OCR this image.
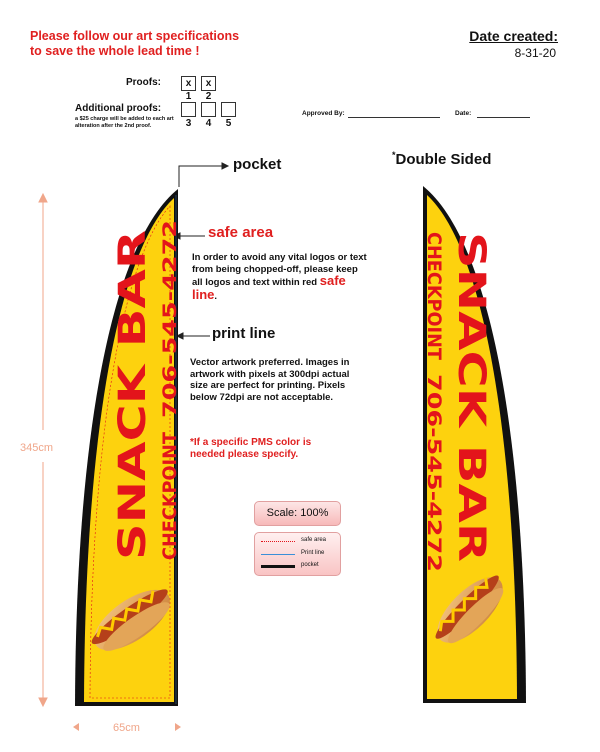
Please follow our art specifications
to save the whole lead time !
Date created:
8-31-20
Proofs:	x	x
1	2
Additional proofs:
3	4	5
a $25 charge will be added to each art alteration after the 2nd proof.
Approved By:	Date:
pocket
*Double Sided
safe area
In order to avoid any vital logos or text from being chopped-off, please keep all logos and text within red safe line.
print line
Vector artwork preferred. Images in artwork with pixels at 300dpi actual size are perfect for printing. Pixels below 72dpi are not acceptable.
*If a specific PMS color is needed please specify.
Scale: 100%
safe area
Print line
pocket
345cm
65cm
SNACK BAR CHECKPOINT
706-545-4272	SNACK BAR
CHECKPOINT
706-545-4272
